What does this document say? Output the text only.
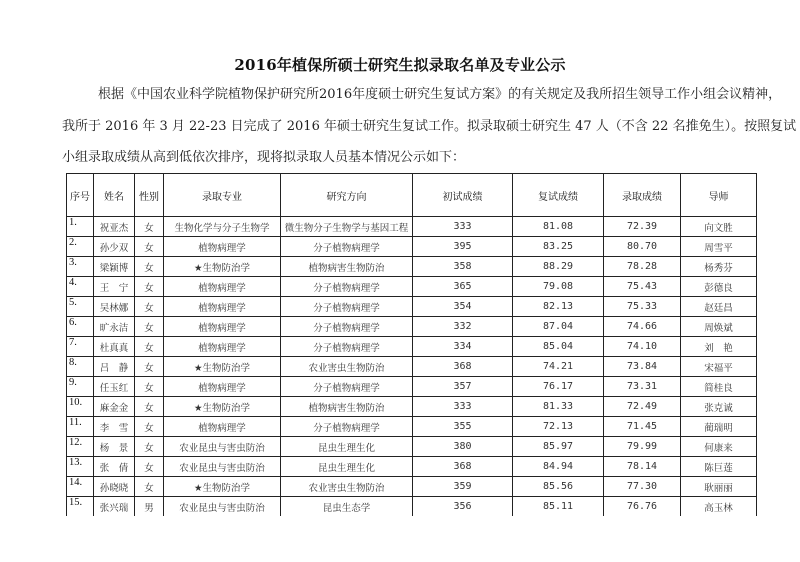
2016年植保所硕士研究生拟录取名单及专业公示
根据《中国农业科学院植物保护研究所2016年度硕士研究生复试方案》的有关规定及我所招生领导工作小组会议精神，
我所于 2016 年 3 月 22-23 日完成了 2016 年硕士研究生复试工作。拟录取硕士研究生 47 人（不含 22 名推免生）。按照复试
小组录取成绩从高到低依次排序，现将拟录取人员基本情况公示如下：
序号	姓名	性别	录取专业	研究方向	初试成绩	复试成绩	录取成绩	导师
1.	祝亚杰	女	生物化学与分子生物学	微生物分子生物学与基因工程	333	81.08	72.39	向文胜
2.	孙少双	女	植物病理学	分子植物病理学	395	83.25	80.70	周雪平
3.	梁颖博	女	★生物防治学	植物病害生物防治	358	88.29	78.28	杨秀芬
4.	王　宁	女	植物病理学	分子植物病理学	365	79.08	75.43	彭德良
5.	吴林娜	女	植物病理学	分子植物病理学	354	82.13	75.33	赵廷昌
6.	旷永洁	女	植物病理学	分子植物病理学	332	87.04	74.66	周焕斌
7.	杜真真	女	植物病理学	分子植物病理学	334	85.04	74.10	刘　艳
8.	吕　静	女	★生物防治学	农业害虫生物防治	368	74.21	73.84	宋福平
9.	任玉红	女	植物病理学	分子植物病理学	357	76.17	73.31	简桂良
10.	麻金金	女	★生物防治学	植物病害生物防治	333	81.33	72.49	张克诚
11.	李　雪	女	植物病理学	分子植物病理学	355	72.13	71.45	蔺瑞明
12.	杨　景	女	农业昆虫与害虫防治	昆虫生理生化	380	85.97	79.99	何康来
13.	张　倩	女	农业昆虫与害虫防治	昆虫生理生化	368	84.94	78.14	陈巨莲
14.	孙晓晓	女	★生物防治学	农业害虫生物防治	359	85.56	77.30	耿丽丽
15.	张兴瑞	男	农业昆虫与害虫防治	昆虫生态学	356	85.11	76.76	高玉林
